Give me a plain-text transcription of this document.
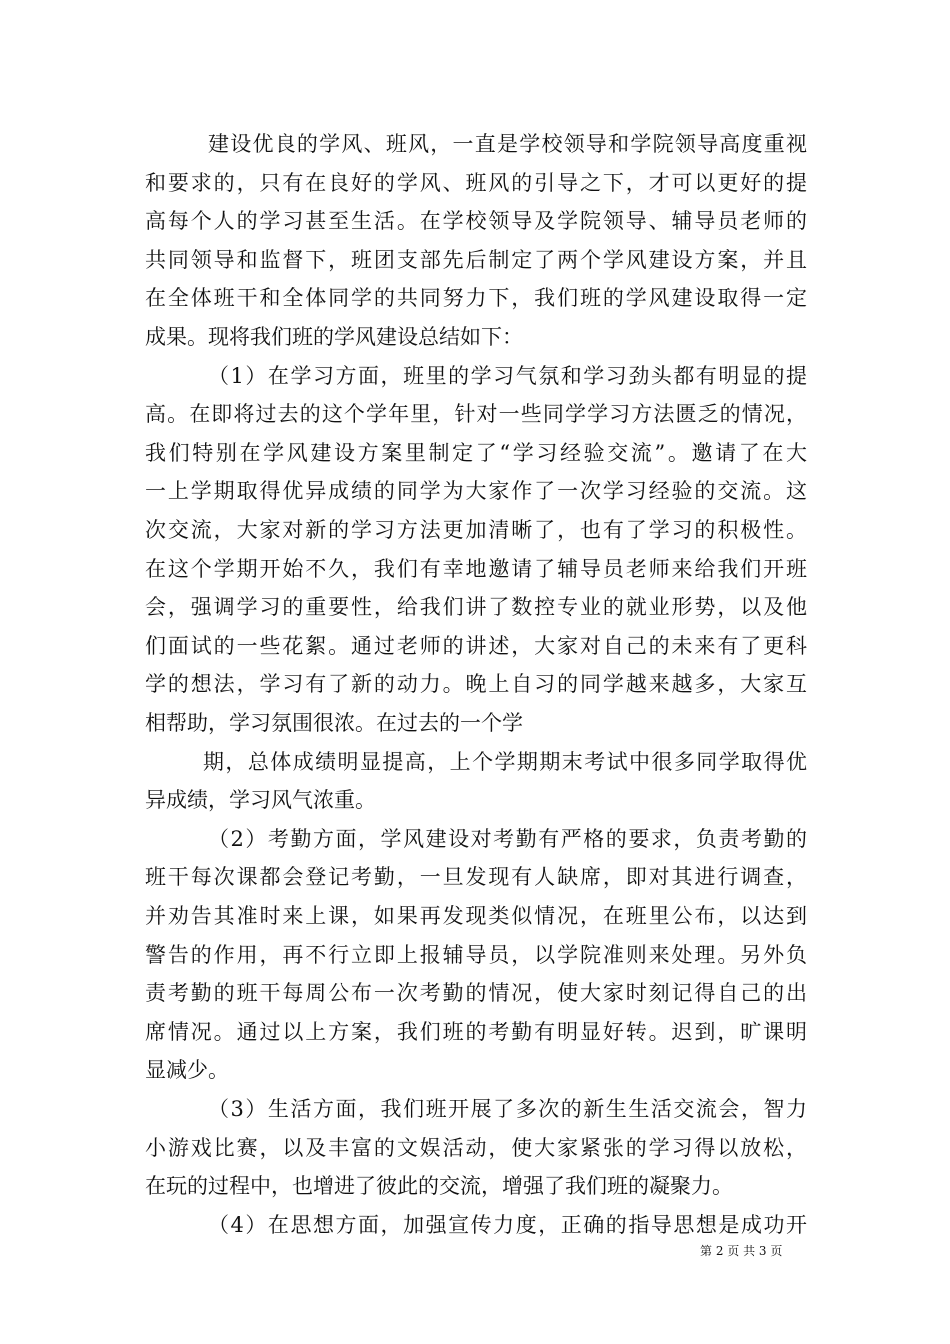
建设优良的学风、班风，一直是学校领导和学院领导高度重视
和要求的，只有在良好的学风、班风的引导之下，才可以更好的提
高每个人的学习甚至生活。在学校领导及学院领导、辅导员老师的
共同领导和监督下，班团支部先后制定了两个学风建设方案，并且
在全体班干和全体同学的共同努力下，我们班的学风建设取得一定
成果。现将我们班的学风建设总结如下：
（1）在学习方面，班里的学习气氛和学习劲头都有明显的提
高。在即将过去的这个学年里，针对一些同学学习方法匮乏的情况，
我们特别在学风建设方案里制定了“学习经验交流”。邀请了在大
一上学期取得优异成绩的同学为大家作了一次学习经验的交流。这
次交流，大家对新的学习方法更加清晰了，也有了学习的积极性。
在这个学期开始不久，我们有幸地邀请了辅导员老师来给我们开班
会，强调学习的重要性，给我们讲了数控专业的就业形势，以及他
们面试的一些花絮。通过老师的讲述，大家对自己的未来有了更科
学的想法，学习有了新的动力。晚上自习的同学越来越多，大家互
相帮助，学习氛围很浓。在过去的一个学
期，总体成绩明显提高，上个学期期末考试中很多同学取得优
异成绩，学习风气浓重。
（2）考勤方面，学风建设对考勤有严格的要求，负责考勤的
班干每次课都会登记考勤，一旦发现有人缺席，即对其进行调查，
并劝告其准时来上课，如果再发现类似情况，在班里公布，以达到
警告的作用，再不行立即上报辅导员，以学院准则来处理。另外负
责考勤的班干每周公布一次考勤的情况，使大家时刻记得自己的出
席情况。通过以上方案，我们班的考勤有明显好转。迟到，旷课明
显减少。
（3）生活方面，我们班开展了多次的新生生活交流会，智力
小游戏比赛，以及丰富的文娱活动，使大家紧张的学习得以放松，
在玩的过程中，也增进了彼此的交流，增强了我们班的凝聚力。
（4）在思想方面，加强宣传力度，正确的指导思想是成功开
第 2 页 共 3 页
